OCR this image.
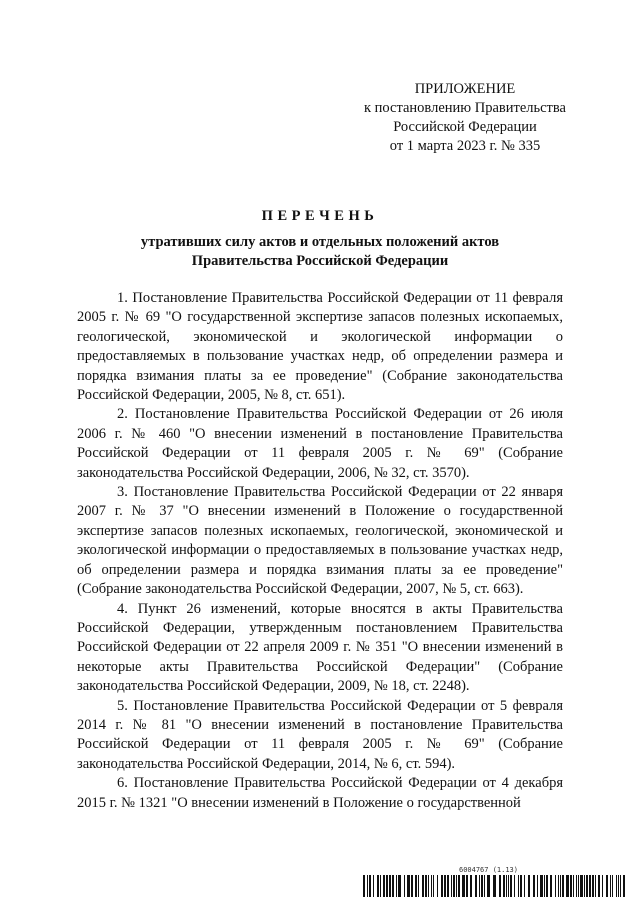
ПРИЛОЖЕНИЕ
к постановлению Правительства
Российской Федерации
от 1 марта 2023 г. № 335
ПЕРЕЧЕНЬ
утративших силу актов и отдельных положений актов
Правительства Российской Федерации

1. Постановление Правительства Российской Федерации от 11 февраля 2005 г. № 69 "О государственной экспертизе запасов полезных ископаемых, геологической, экономической и экологической информации о предоставляемых в пользование участках недр, об определении размера и порядка взимания платы за ее проведение" (Собрание законодательства Российской Федерации, 2005, № 8, ст. 651).

2. Постановление Правительства Российской Федерации от 26 июля 2006 г. № 460 "О внесении изменений в постановление Правительства Российской Федерации от 11 февраля 2005 г. № 69" (Собрание законодательства Российской Федерации, 2006, № 32, ст. 3570).

3. Постановление Правительства Российской Федерации от 22 января 2007 г. № 37 "О внесении изменений в Положение о государственной экспертизе запасов полезных ископаемых, геологической, экономической и экологической информации о предоставляемых в пользование участках недр, об определении размера и порядка взимания платы за ее проведение" (Собрание законодательства Российской Федерации, 2007, № 5, ст. 663).

4. Пункт 26 изменений, которые вносятся в акты Правительства Российской Федерации, утвержденным постановлением Правительства Российской Федерации от 22 апреля 2009 г. № 351 "О внесении изменений в некоторые акты Правительства Российской Федерации" (Собрание законодательства Российской Федерации, 2009, № 18, ст. 2248).

5. Постановление Правительства Российской Федерации от 5 февраля 2014 г. № 81 "О внесении изменений в постановление Правительства Российской Федерации от 11 февраля 2005 г. № 69" (Собрание законодательства Российской Федерации, 2014, № 6, ст. 594).

6. Постановление Правительства Российской Федерации от 4 декабря 2015 г. № 1321 "О внесении изменений в Положение о государственной

6004767 (1.13)
